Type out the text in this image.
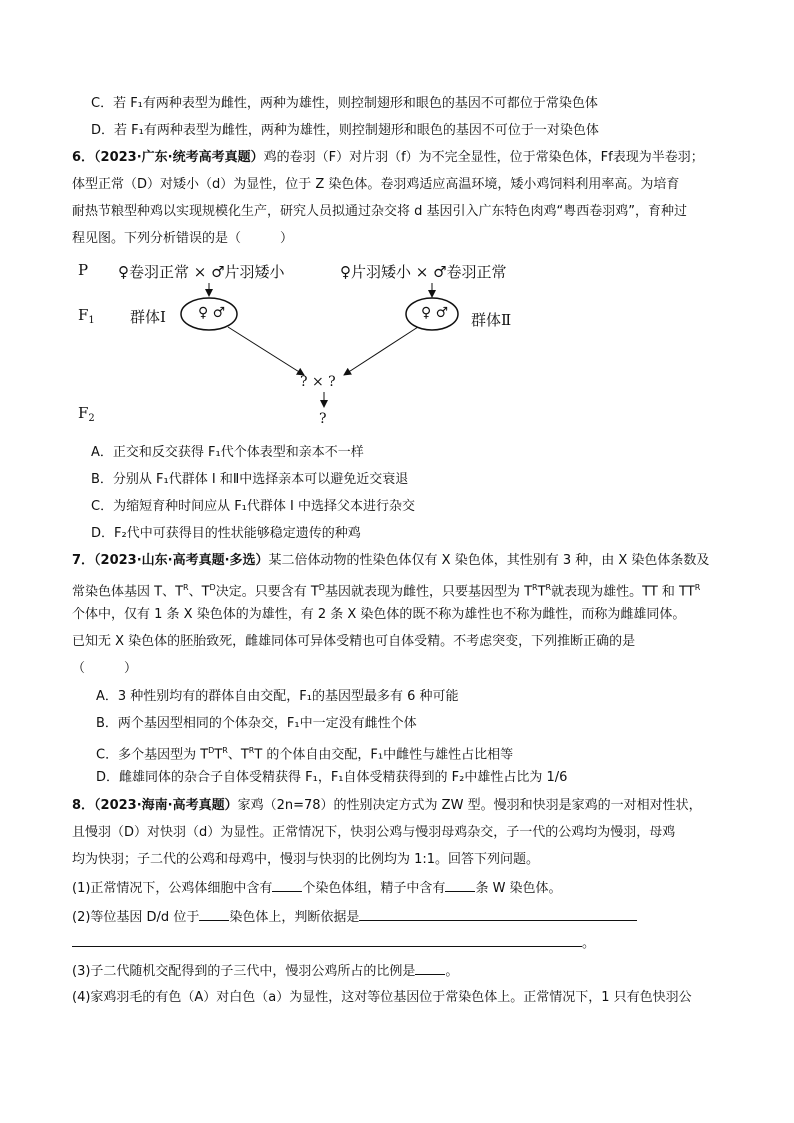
C．若 F₁有两种表型为雌性，两种为雄性，则控制翅形和眼色的基因不可都位于常染色体
D．若 F₁有两种表型为雌性，两种为雄性，则控制翅形和眼色的基因不可位于一对染色体
6．（2023·广东·统考高考真题）鸡的卷羽（F）对片羽（f）为不完全显性，位于常染色体，Ff表现为半卷羽；
体型正常（D）对矮小（d）为显性，位于 Z 染色体。卷羽鸡适应高温环境，矮小鸡饲料利用率高。为培育
耐热节粮型种鸡以实现规模化生产，研究人员拟通过杂交将 d 基因引入广东特色肉鸡“粤西卷羽鸡”，育种过
程见图。下列分析错误的是（　　　）
P ♀卷羽正常 × ♂片羽矮小	♀片羽矮小 × ♂卷羽正常
$F_1$ 群体Ⅰ	群体Ⅱ
♀ ♂	♀ ♂
? × ?
?
$F_2$
A．正交和反交获得 F₁代个体表型和亲本不一样
B．分别从 F₁代群体 I 和Ⅱ中选择亲本可以避免近交衰退
C．为缩短育种时间应从 F₁代群体 I 中选择父本进行杂交
D．F₂代中可获得目的性状能够稳定遗传的种鸡
7．（2023·山东·高考真题·多选）某二倍体动物的性染色体仅有 X 染色体，其性别有 3 种，由 X 染色体条数及
常染色体基因 T、$T^R$、$T^D$决定。只要含有 $T^D$基因就表现为雌性，只要基因型为 $T^RT^R$就表现为雄性。TT 和 $TT^R$
个体中，仅有 1 条 X 染色体的为雄性，有 2 条 X 染色体的既不称为雄性也不称为雌性，而称为雌雄同体。
已知无 X 染色体的胚胎致死，雌雄同体可异体受精也可自体受精。不考虑突变，下列推断正确的是
（　　　）
A．3 种性别均有的群体自由交配，F₁的基因型最多有 6 种可能
B．两个基因型相同的个体杂交，F₁中一定没有雌性个体
C．多个基因型为 $T^DT^R$、$T^RT$ 的个体自由交配，F₁中雌性与雄性占比相等
D．雌雄同体的杂合子自体受精获得 F₁，F₁自体受精获得到的 F₂中雄性占比为 1/6
8．（2023·海南·高考真题）家鸡（2n=78）的性别决定方式为 ZW 型。慢羽和快羽是家鸡的一对相对性状，
且慢羽（D）对快羽（d）为显性。正常情况下，快羽公鸡与慢羽母鸡杂交，子一代的公鸡均为慢羽，母鸡
均为快羽；子二代的公鸡和母鸡中，慢羽与快羽的比例均为 1:1。回答下列问题。
(1)正常情况下，公鸡体细胞中含有 个染色体组，精子中含有 条 W 染色体。
(2)等位基因 D/d 位于 染色体上，判断依据是
。
(3)子二代随机交配得到的子三代中，慢羽公鸡所占的比例是 。
(4)家鸡羽毛的有色（A）对白色（a）为显性，这对等位基因位于常染色体上。正常情况下，1 只有色快羽公
